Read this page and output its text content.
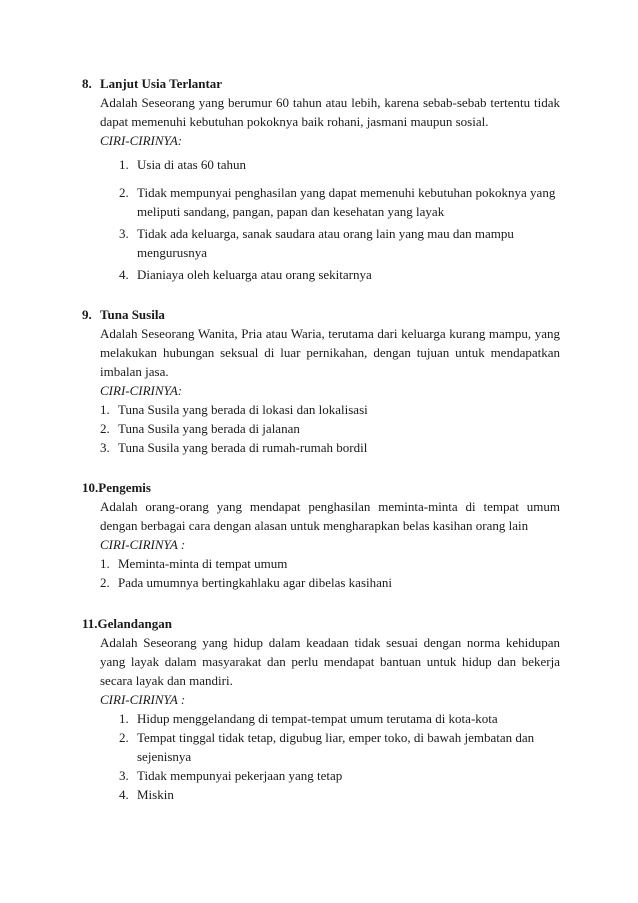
8. Lanjut Usia Terlantar
Adalah Seseorang yang berumur 60 tahun atau lebih, karena sebab-sebab tertentu tidak dapat memenuhi kebutuhan pokoknya baik rohani, jasmani maupun sosial.
CIRI-CIRINYA:
1. Usia di atas 60 tahun
2. Tidak mempunyai penghasilan yang dapat memenuhi kebutuhan pokoknya yang meliputi sandang, pangan, papan dan kesehatan yang layak
3. Tidak ada keluarga, sanak saudara atau orang lain yang mau dan mampu mengurusnya
4. Dianiaya oleh keluarga atau orang sekitarnya
9. Tuna Susila
Adalah Seseorang Wanita, Pria atau Waria, terutama dari keluarga kurang mampu, yang melakukan hubungan seksual di luar pernikahan, dengan tujuan untuk mendapatkan imbalan jasa.
CIRI-CIRINYA:
1. Tuna Susila yang berada di lokasi dan lokalisasi
2. Tuna Susila yang berada di jalanan
3. Tuna Susila yang berada di rumah-rumah bordil
10.Pengemis
Adalah orang-orang yang mendapat penghasilan meminta-minta di tempat umum dengan berbagai cara dengan alasan untuk mengharapkan belas kasihan orang lain
CIRI-CIRINYA :
1. Meminta-minta di tempat umum
2. Pada umumnya bertingkahlaku agar dibelas kasihani
11.Gelandangan
Adalah Seseorang yang hidup dalam keadaan tidak sesuai dengan norma kehidupan yang layak dalam masyarakat dan perlu mendapat bantuan untuk hidup dan bekerja secara layak dan mandiri.
CIRI-CIRINYA :
1. Hidup menggelandang di tempat-tempat umum terutama di kota-kota
2. Tempat tinggal tidak tetap, digubug liar, emper toko, di bawah jembatan dan sejenisnya
3. Tidak mempunyai pekerjaan yang tetap
4. Miskin
